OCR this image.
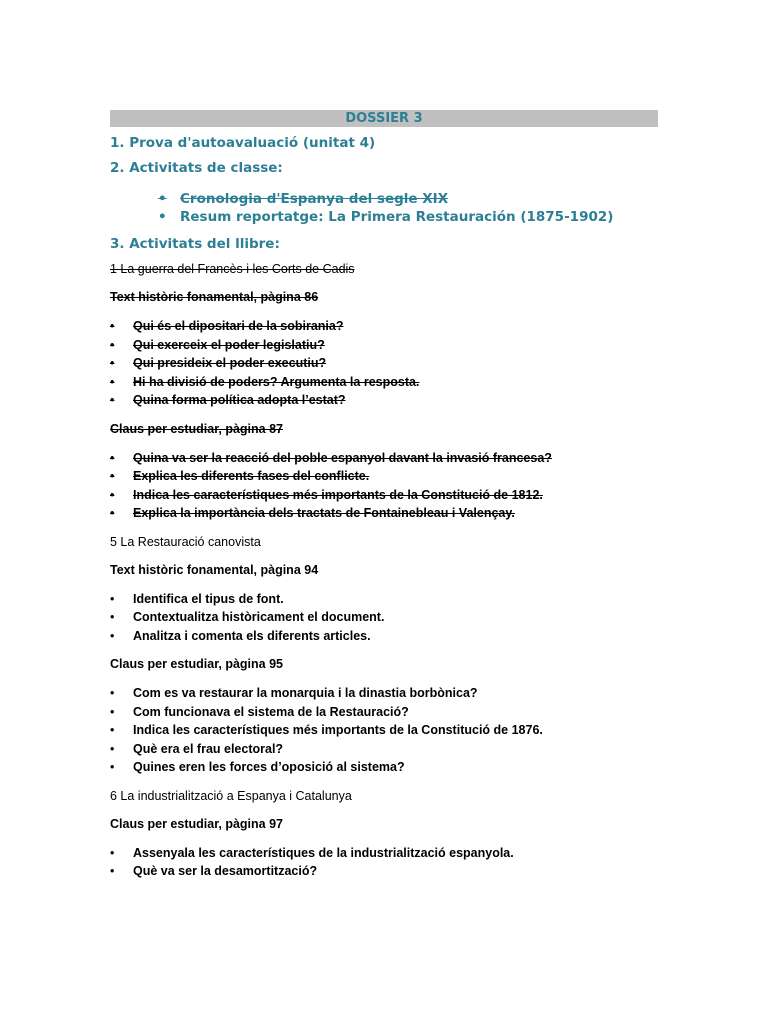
DOSSIER 3
1. Prova d'autoavaluació (unitat 4)
2. Activitats de classe:
• Cronologia d'Espanya del segle XIX
• Resum reportatge: La Primera Restauración (1875-1902)
3. Activitats del llibre:
1 La guerra del Francès i les Corts de Cadis
Text històric fonamental, pàgina 86
• Qui és el dipositari de la sobirania?
• Qui exerceix el poder legislatiu?
• Qui presideix el poder executiu?
• Hi ha divisió de poders? Argumenta la resposta.
• Quina forma política adopta l’estat?
Claus per estudiar, pàgina 87
• Quina va ser la reacció del poble espanyol davant la invasió francesa?
• Explica les diferents fases del conflicte.
• Indica les característiques més importants de la Constitució de 1812.
• Explica la importància dels tractats de Fontainebleau i Valençay.
5 La Restauració canovista
Text històric fonamental, pàgina 94
• Identifica el tipus de font.
• Contextualitza històricament el document.
• Analitza i comenta els diferents articles.
Claus per estudiar, pàgina 95
• Com es va restaurar la monarquia i la dinastia borbònica?
• Com funcionava el sistema de la Restauració?
• Indica les característiques més importants de la Constitució de 1876.
• Què era el frau electoral?
• Quines eren les forces d’oposició al sistema?
6 La industrialització a Espanya i Catalunya
Claus per estudiar, pàgina 97
• Assenyala les característiques de la industrialització espanyola.
• Què va ser la desamortització?
